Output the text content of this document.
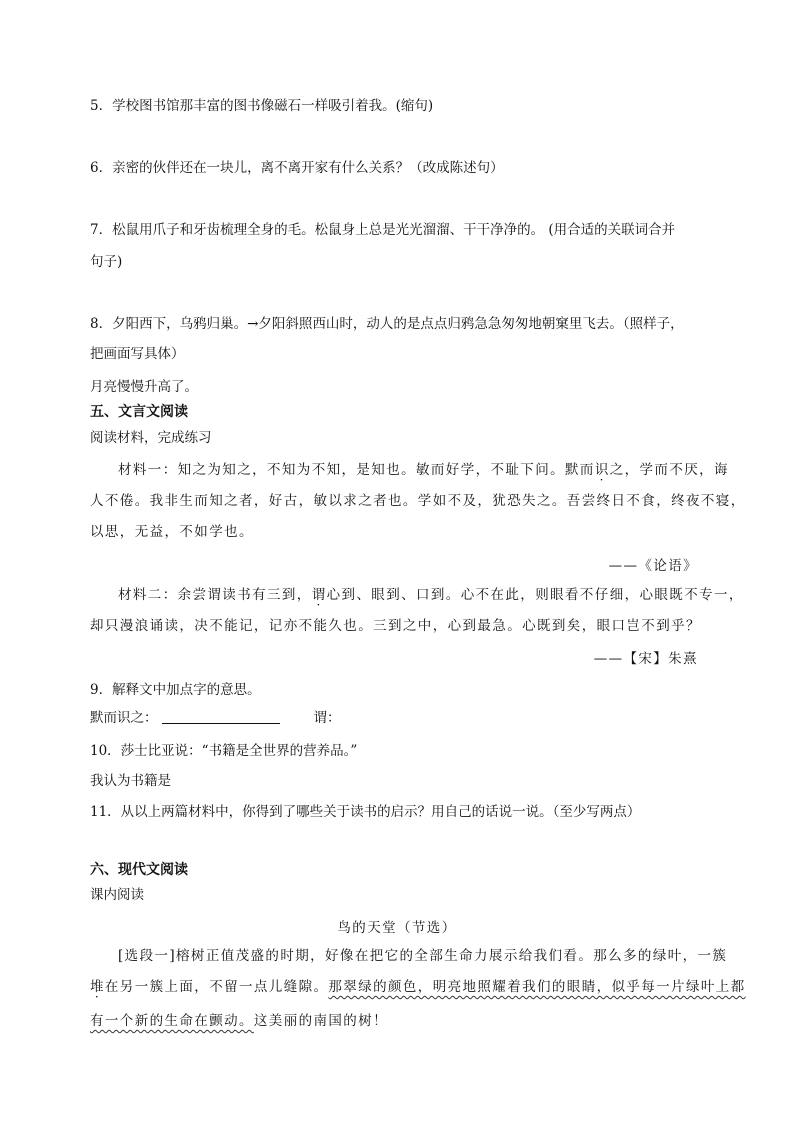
5．学校图书馆那丰富的图书像磁石一样吸引着我。(缩句)
6．亲密的伙伴还在一块儿，离不离开家有什么关系？（改成陈述句）
7．松鼠用爪子和牙齿梳理全身的毛。松鼠身上总是光光溜溜、干干净净的。 (用合适的关联词合并
句子)
8．夕阳西下，乌鸦归巢。→夕阳斜照西山时，动人的是点点归鸦急急匆匆地朝窠里飞去。（照样子，
把画面写具体）
月亮慢慢升高了。
五、文言文阅读
阅读材料，完成练习
材料一：知之为知之，不知为不知，是知也。敏而好学，不耻下问。默而识之，学而不厌，诲
人不倦。我非生而知之者，好古，敏以求之者也。学如不及，犹恐失之。吾尝终日不食，终夜不寝，
以思，无益，不如学也。
——《论语》
材料二：余尝谓读书有三到，谓心到、眼到、口到。心不在此，则眼看不仔细，心眼既不专一，
却只漫浪诵读，决不能记，记亦不能久也。三到之中，心到最急。心既到矣，眼口岂不到乎？
——【宋】朱熹
9．解释文中加点字的意思。
默而识之：	谓：
10．莎士比亚说：“书籍是全世界的营养品。”
我认为书籍是
11．从以上两篇材料中，你得到了哪些关于读书的启示？用自己的话说一说。（至少写两点）
六、现代文阅读
课内阅读
鸟的天堂（节选）
[选段一]榕树正值茂盛的时期，好像在把它的全部生命力展示给我们看。那么多的绿叶，一簇
堆在另一簇上面，不留一点儿缝隙。那翠绿的颜色，明亮地照耀着我们的眼睛，似乎每一片绿叶上都
有一个新的生命在颤动。这美丽的南国的树！
